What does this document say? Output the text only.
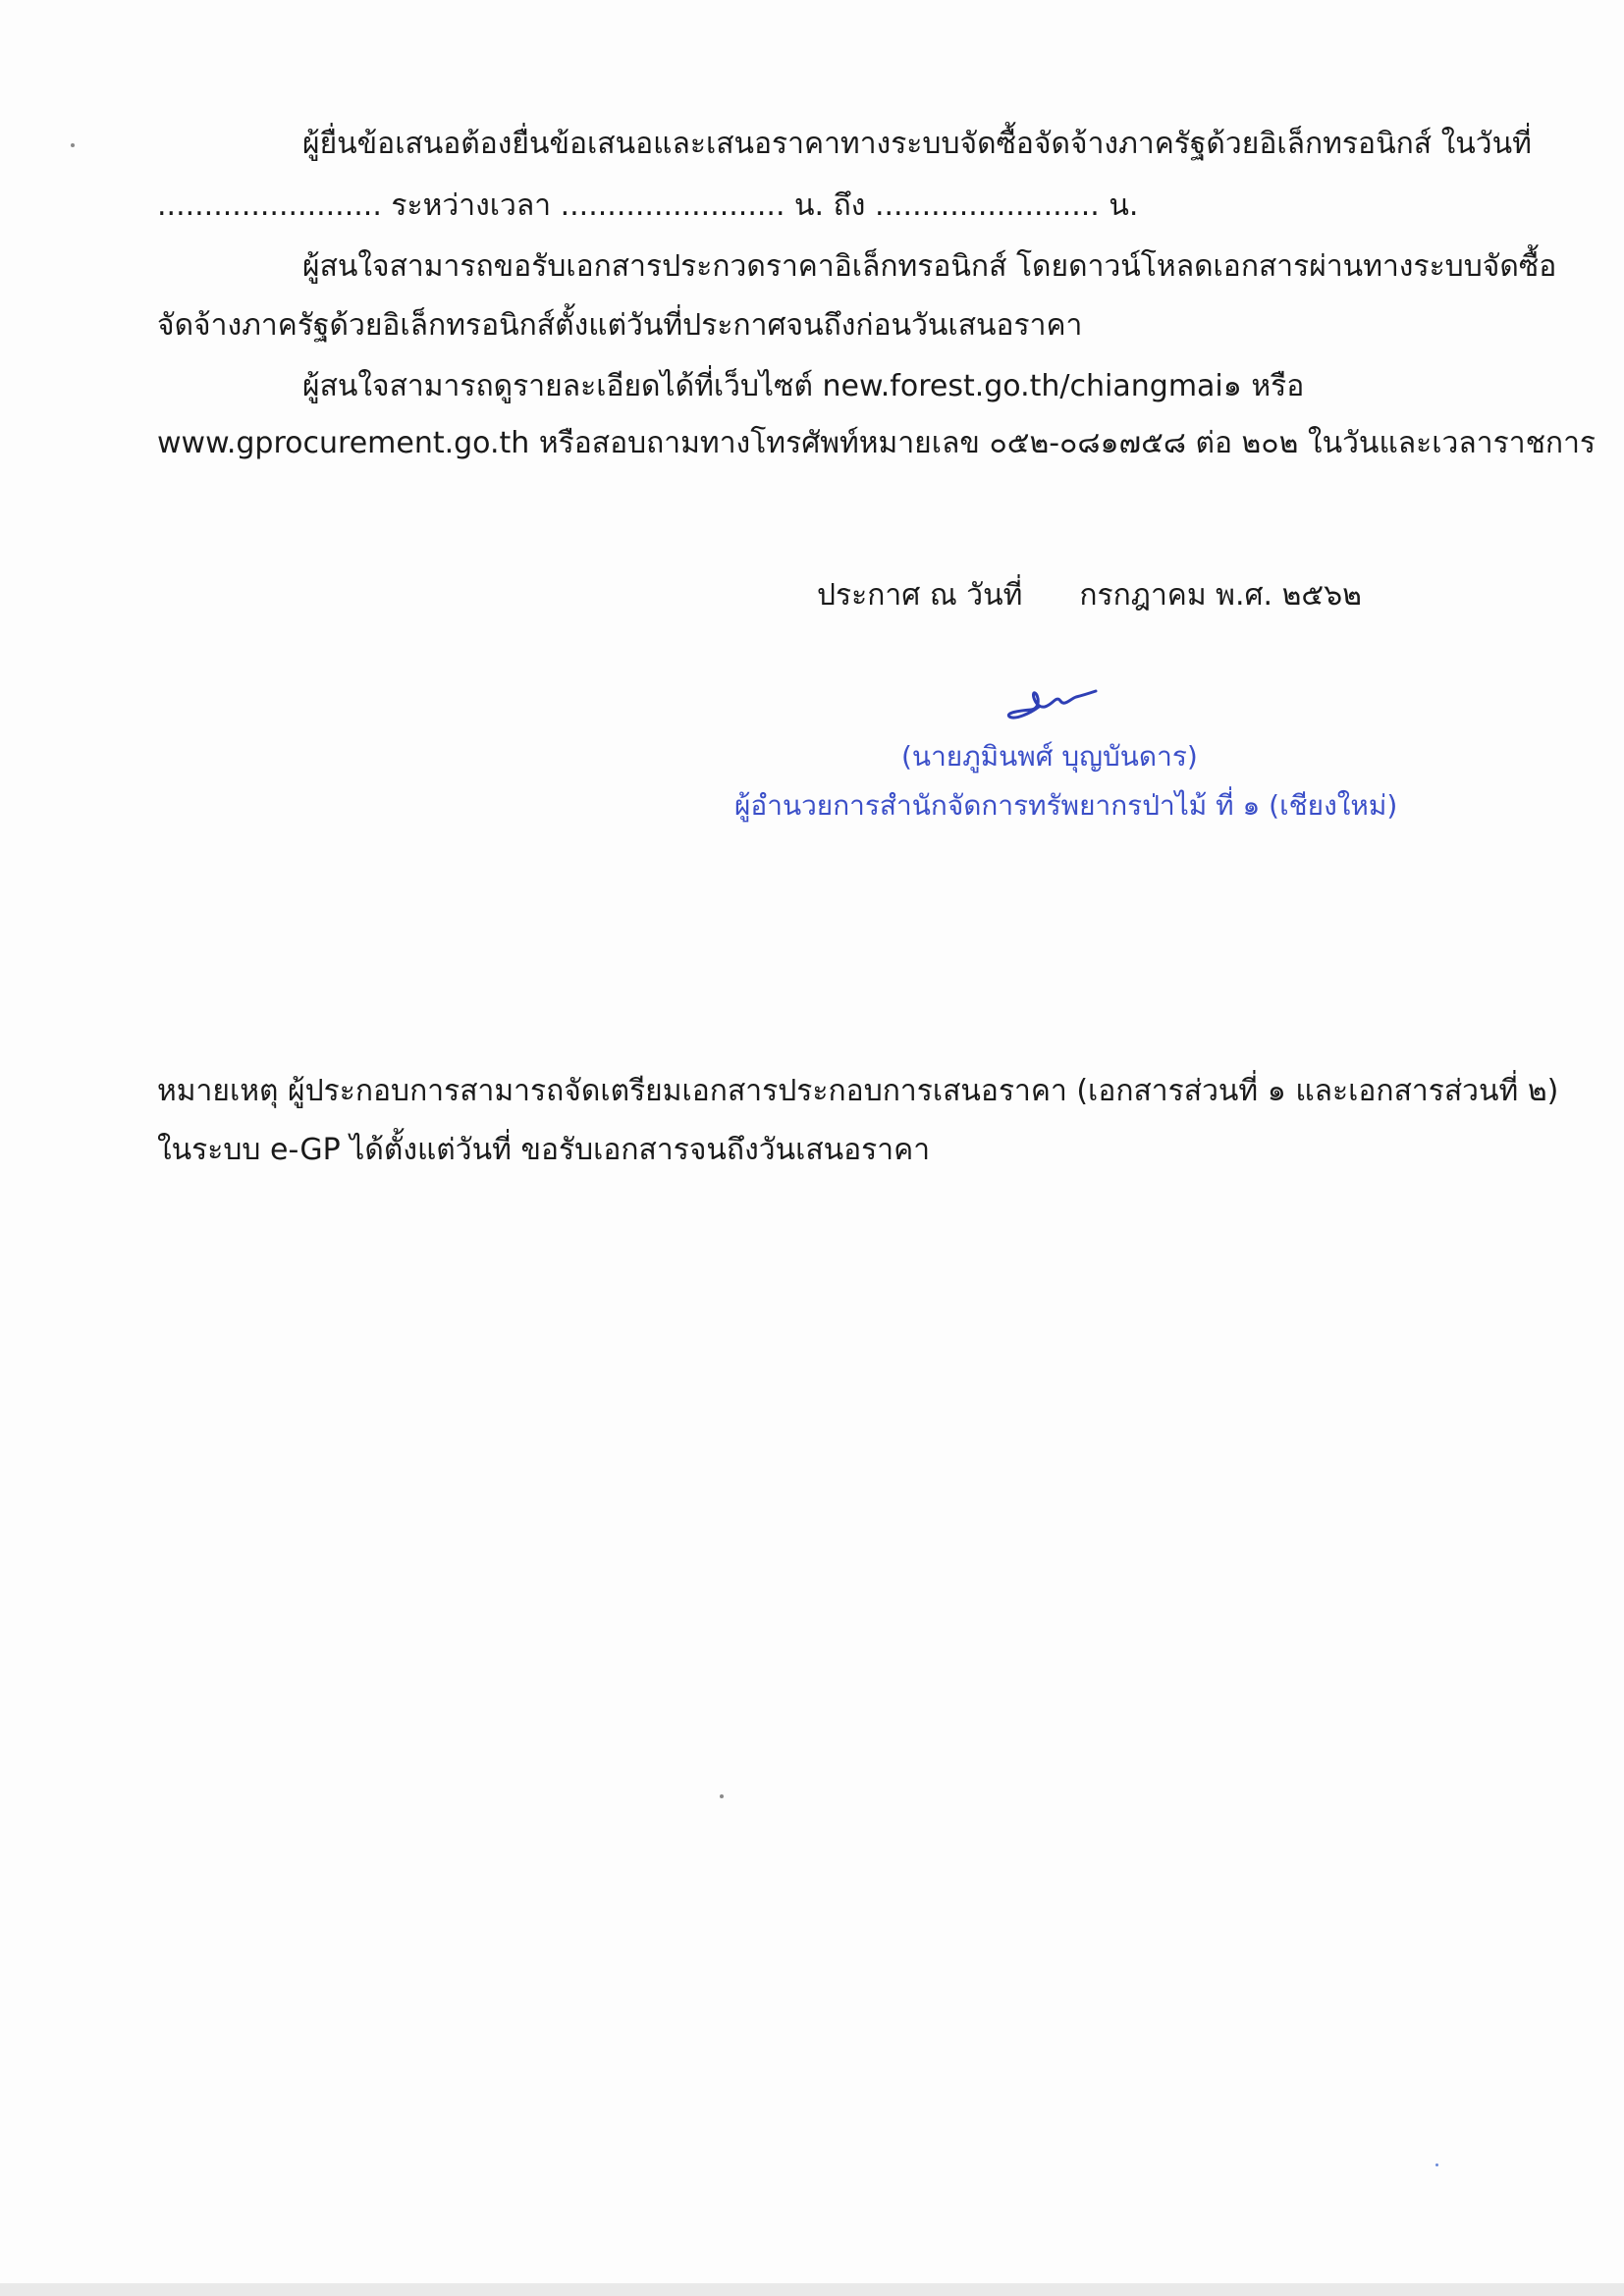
ผู้ยื่นข้อเสนอต้องยื่นข้อเสนอและเสนอราคาทางระบบจัดซื้อจัดจ้างภาครัฐด้วยอิเล็กทรอนิกส์ ในวันที่
........................ ระหว่างเวลา ........................ น. ถึง ........................ น.
ผู้สนใจสามารถขอรับเอกสารประกวดราคาอิเล็กทรอนิกส์ โดยดาวน์โหลดเอกสารผ่านทางระบบจัดซื้อ
จัดจ้างภาครัฐด้วยอิเล็กทรอนิกส์ตั้งแต่วันที่ประกาศจนถึงก่อนวันเสนอราคา
ผู้สนใจสามารถดูรายละเอียดได้ที่เว็บไซต์ new.forest.go.th/chiangmai๑ หรือ
www.gprocurement.go.th หรือสอบถามทางโทรศัพท์หมายเลข ๐๕๒-๐๘๑๗๕๘ ต่อ ๒๐๒ ในวันและเวลาราชการ
ประกาศ ณ วันที่ กรกฎาคม พ.ศ. ๒๕๖๒
(นายภูมินพศ์ บุญบันดาร)
ผู้อำนวยการสำนักจัดการทรัพยากรป่าไม้ ที่ ๑ (เชียงใหม่)
หมายเหตุ ผู้ประกอบการสามารถจัดเตรียมเอกสารประกอบการเสนอราคา (เอกสารส่วนที่ ๑ และเอกสารส่วนที่ ๒)
ในระบบ e-GP ได้ตั้งแต่วันที่ ขอรับเอกสารจนถึงวันเสนอราคา
